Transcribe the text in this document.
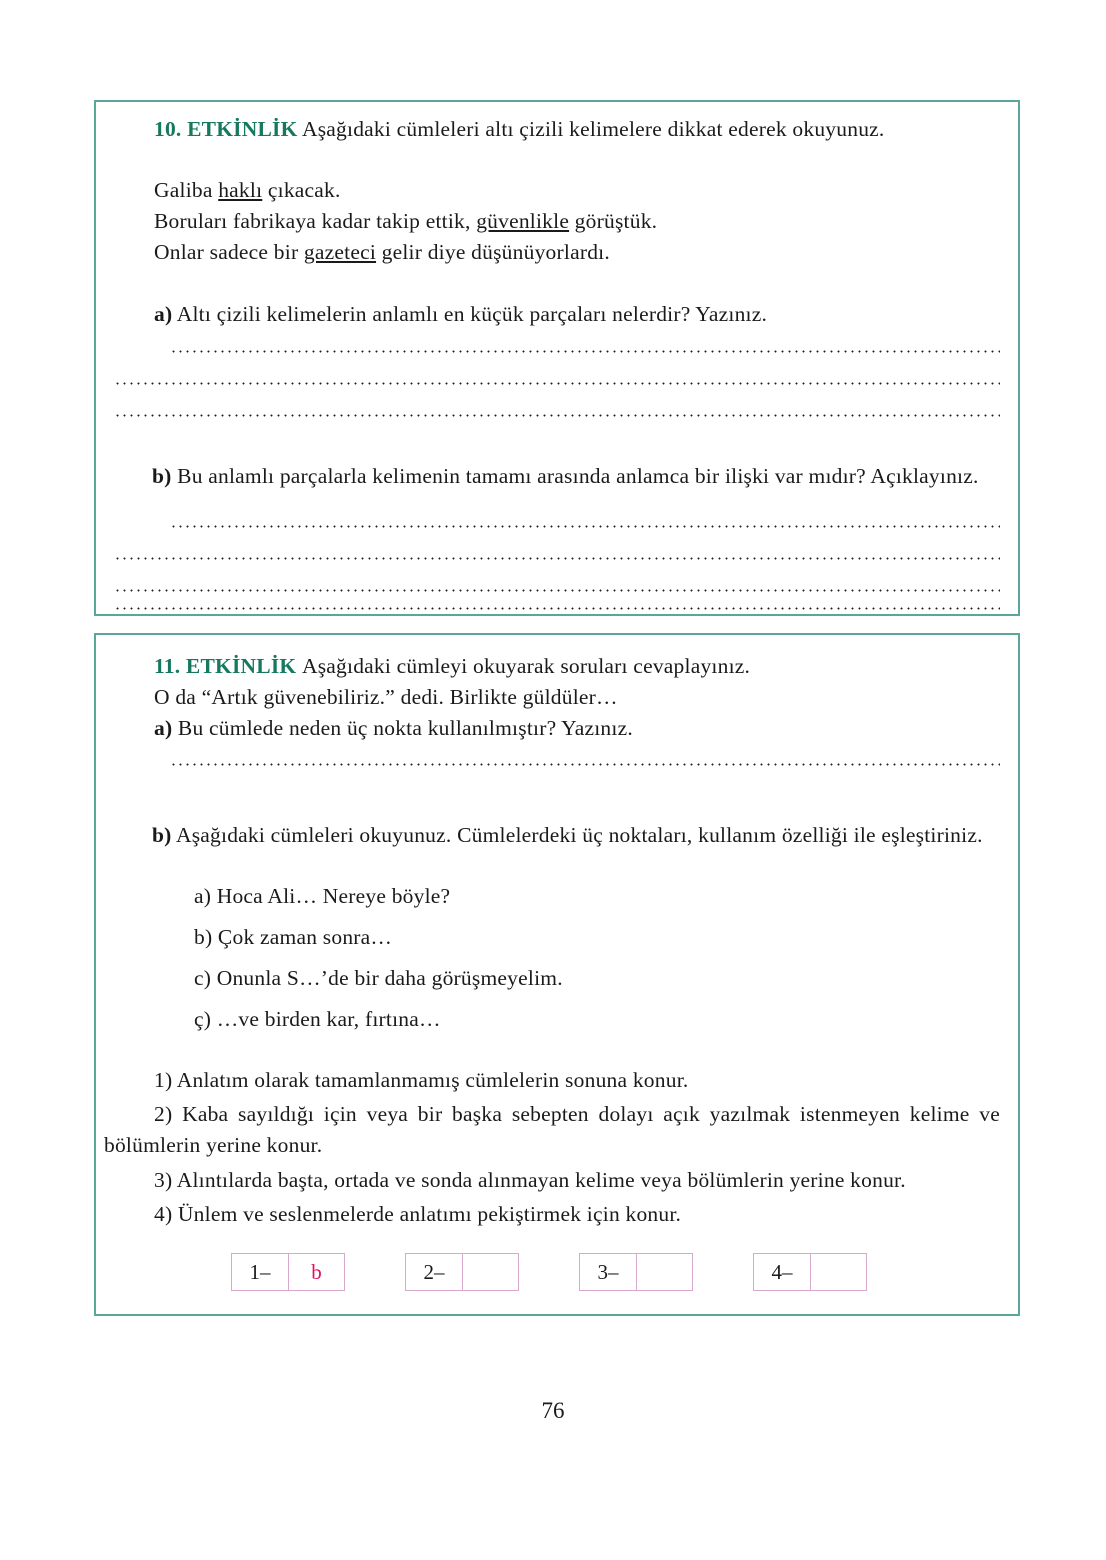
10. ETKİNLİK Aşağıdaki cümleleri altı çizili kelimelere dikkat ederek okuyunuz.
Galiba haklı çıkacak.
Boruları fabrikaya kadar takip ettik, güvenlikle görüştük.
Onlar sadece bir gazeteci gelir diye düşünüyorlardı.
a) Altı çizili kelimelerin anlamlı en küçük parçaları nelerdir? Yazınız.
b) Bu anlamlı parçalarla kelimenin tamamı arasında anlamca bir ilişki var mıdır? Açıklayınız.
11. ETKİNLİK Aşağıdaki cümleyi okuyarak soruları cevaplayınız.
O da “Artık güvenebiliriz.” dedi. Birlikte güldüler…
a) Bu cümlede neden üç nokta kullanılmıştır? Yazınız.
b) Aşağıdaki cümleleri okuyunuz. Cümlelerdeki üç noktaları, kullanım özelliği ile eşleştiriniz.
a) Hoca Ali… Nereye böyle?
b) Çok zaman sonra…
c) Onunla S…’de bir daha görüşmeyelim.
ç) …ve birden kar, fırtına…
1) Anlatım olarak tamamlanmamış cümlelerin sonuna konur.
2) Kaba sayıldığı için veya bir başka sebepten dolayı açık yazılmak istenmeyen kelime ve bölümlerin yerine konur.
3) Alıntılarda başta, ortada ve sonda alınmayan kelime veya bölümlerin yerine konur.
4) Ünlem ve seslenmelerde anlatımı pekiştirmek için konur.
1–	b	2–	3–	4–
76
